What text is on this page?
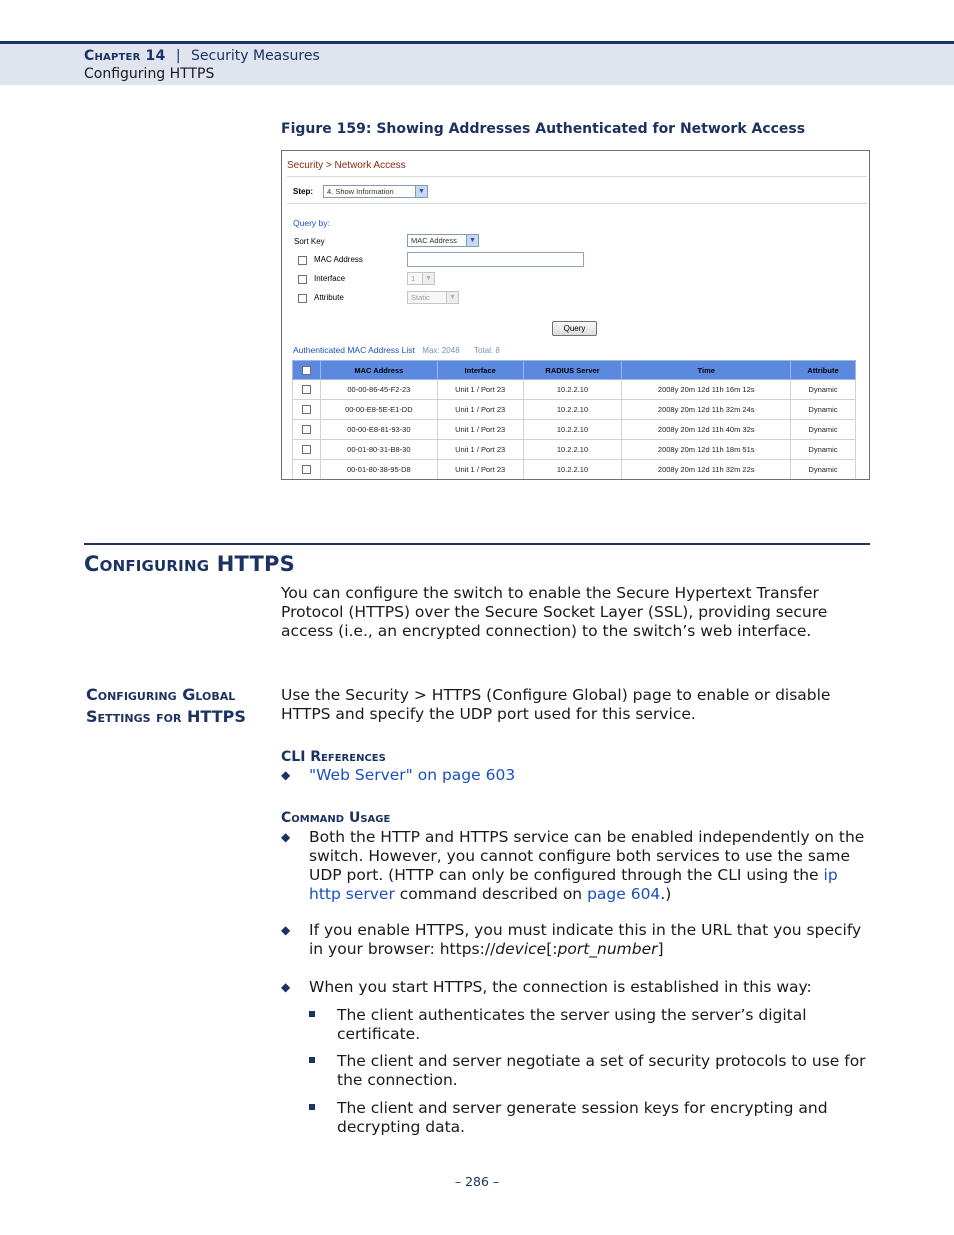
Chapter 14 | Security Measures
Configuring HTTPS
Figure 159: Showing Addresses Authenticated for Network Access
Security > Network Access
Step:	4. Show Information	▼
Query by:
Sort Key	MAC Address	▼
MAC Address
Interface	1	▼
Attribute	Static	▼
Query
Authenticated MAC Address List Max: 2048 Total: 8
	MAC Address	Interface	RADIUS Server	Time	Attribute
	00-00-86-45-F2-23	Unit 1 / Port 23	10.2.2.10	2008y 20m 12d 11h 16m 12s	Dynamic
	00-00-E8-5E-E1-DD	Unit 1 / Port 23	10.2.2.10	2008y 20m 12d 11h 32m 24s	Dynamic
	00-00-E8-81-93-30	Unit 1 / Port 23	10.2.2.10	2008y 20m 12d 11h 40m 32s	Dynamic
	00-01-80-31-B8-30	Unit 1 / Port 23	10.2.2.10	2008y 20m 12d 11h 18m 51s	Dynamic
	00-01-80-38-95-D8	Unit 1 / Port 23	10.2.2.10	2008y 20m 12d 11h 32m 22s	Dynamic
Configuring HTTPS
You can configure the switch to enable the Secure Hypertext Transfer Protocol (HTTPS) over the Secure Socket Layer (SSL), providing secure access (i.e., an encrypted connection) to the switch’s web interface.
Configuring Global
Settings for HTTPS
Use the Security > HTTPS (Configure Global) page to enable or disable HTTPS and specify the UDP port used for this service.
CLI References
◆ "Web Server" on page 603
Command Usage
◆ Both the HTTP and HTTPS service can be enabled independently on the switch. However, you cannot configure both services to use the same UDP port. (HTTP can only be configured through the CLI using the ip http server command described on page 604.)
◆ If you enable HTTPS, you must indicate this in the URL that you specify in your browser: https://device[:port_number]
◆ When you start HTTPS, the connection is established in this way:
The client authenticates the server using the server’s digital certificate.
The client and server negotiate a set of security protocols to use for the connection.
The client and server generate session keys for encrypting and decrypting data.
– 286 –
